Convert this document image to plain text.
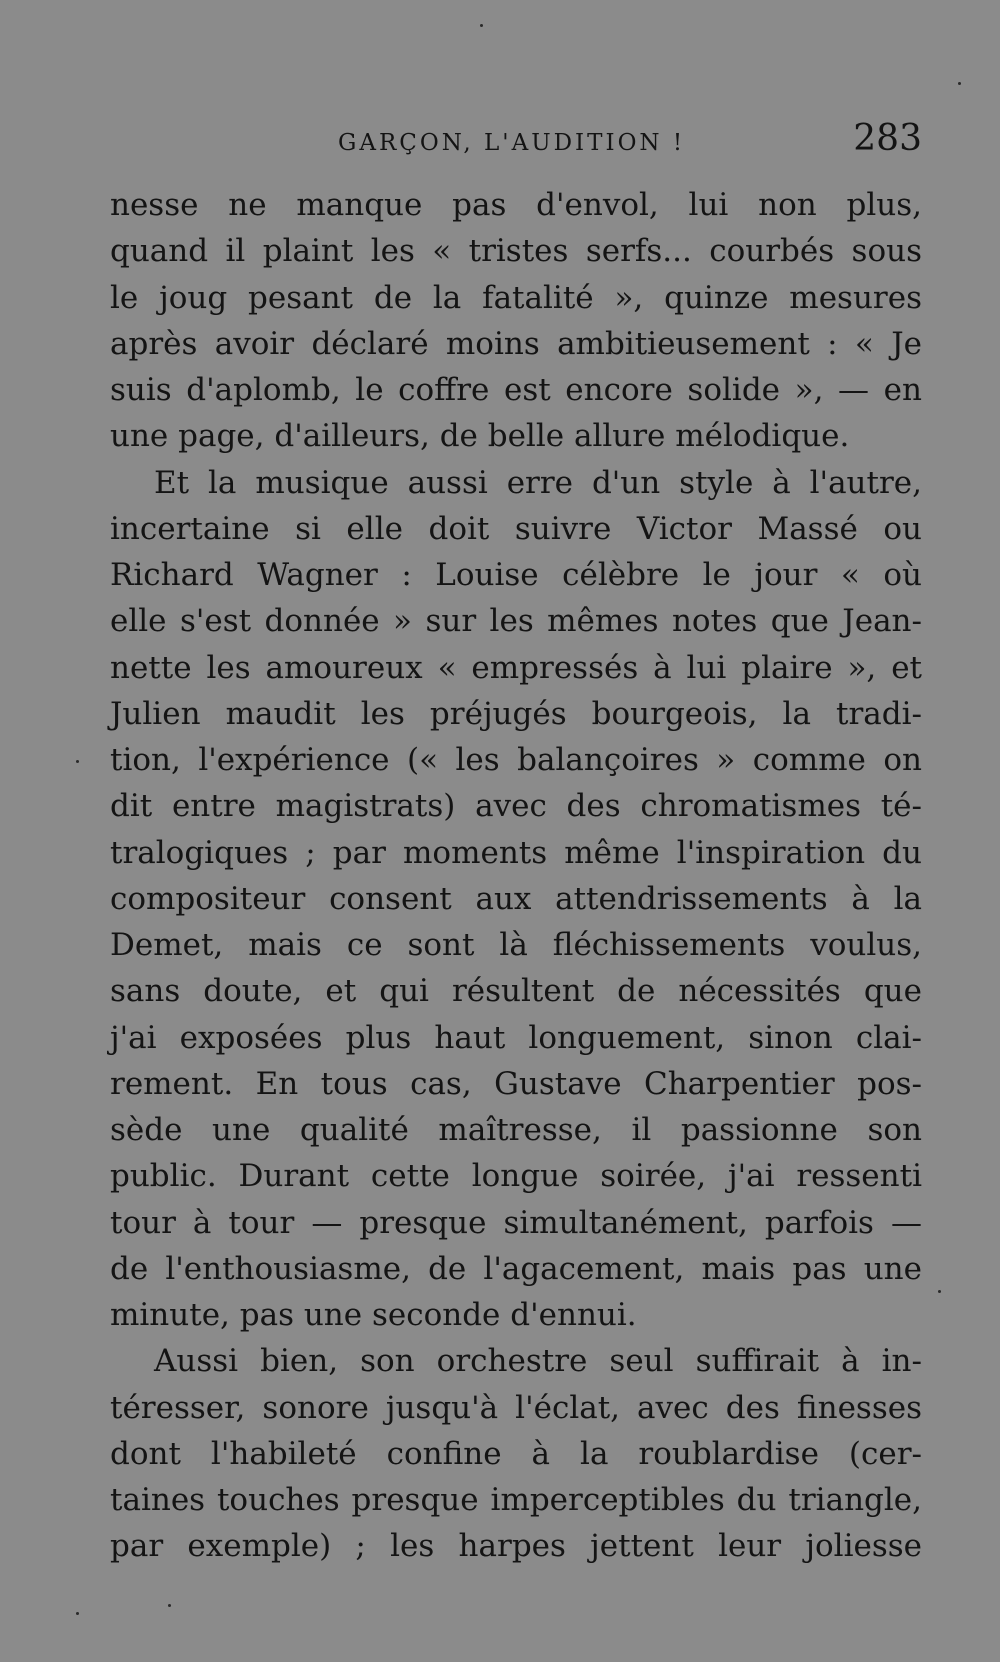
GARÇON, L'AUDITION !	283
nesse ne manque pas d'envol, lui non plus,
quand il plaint les « tristes serfs... courbés sous
le joug pesant de la fatalité », quinze mesures
après avoir déclaré moins ambitieusement : « Je
suis d'aplomb, le coffre est encore solide », — en
une page, d'ailleurs, de belle allure mélodique.
Et la musique aussi erre d'un style à l'autre,
incertaine si elle doit suivre Victor Massé ou
Richard Wagner : Louise célèbre le jour « où
elle s'est donnée » sur les mêmes notes que Jean-
nette les amoureux « empressés à lui plaire », et
Julien maudit les préjugés bourgeois, la tradi-
tion, l'expérience (« les balançoires » comme on
dit entre magistrats) avec des chromatismes té-
tralogiques ; par moments même l'inspiration du
compositeur consent aux attendrissements à la
Demet, mais ce sont là fléchissements voulus,
sans doute, et qui résultent de nécessités que
j'ai exposées plus haut longuement, sinon clai-
rement. En tous cas, Gustave Charpentier pos-
sède une qualité maîtresse, il passionne son
public. Durant cette longue soirée, j'ai ressenti
tour à tour — presque simultanément, parfois —
de l'enthousiasme, de l'agacement, mais pas une
minute, pas une seconde d'ennui.
Aussi bien, son orchestre seul suffirait à in-
téresser, sonore jusqu'à l'éclat, avec des finesses
dont l'habileté confine à la roublardise (cer-
taines touches presque imperceptibles du triangle,
par exemple) ; les harpes jettent leur joliesse
